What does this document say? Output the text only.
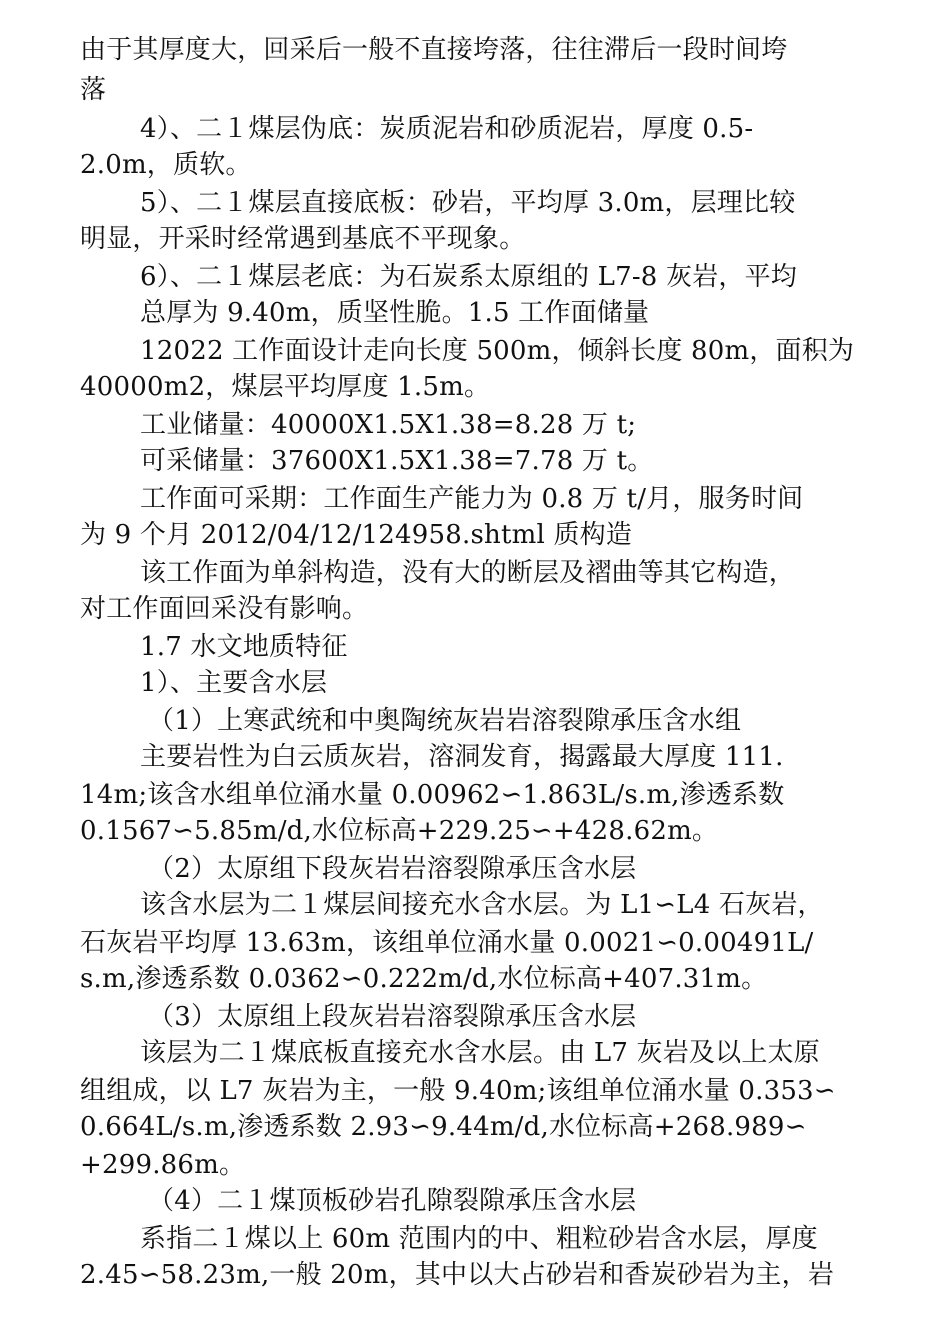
由于其厚度大，回采后一般不直接垮落，往往滞后一段时间垮
落
4）、二１煤层伪底：炭质泥岩和砂质泥岩，厚度 0.5-
2.0m，质软。
5）、二１煤层直接底板：砂岩，平均厚 3.0m，层理比较
明显，开采时经常遇到基底不平现象。
6）、二１煤层老底：为石炭系太原组的 L7-8 灰岩，平均
总厚为 9.40m，质坚性脆。1.5 工作面储量
12022 工作面设计走向长度 500m，倾斜长度 80m，面积为
40000m2，煤层平均厚度 1.5m。
工业储量：40000X1.5X1.38=8.28 万 t;
可采储量：37600X1.5X1.38=7.78 万 t。
工作面可采期：工作面生产能力为 0.8 万 t/月，服务时间
为 9 个月 2012/04/12/124958.shtml 质构造
该工作面为单斜构造，没有大的断层及褶曲等其它构造，
对工作面回采没有影响。
1.7 水文地质特征
1）、主要含水层
（1）上寒武统和中奥陶统灰岩岩溶裂隙承压含水组
主要岩性为白云质灰岩，溶洞发育，揭露最大厚度 111.
14m;该含水组单位涌水量 0.00962∽1.863L/s.m,渗透系数
0.1567∽5.85m/d,水位标高+229.25∽+428.62m。
（2）太原组下段灰岩岩溶裂隙承压含水层
该含水层为二１煤层间接充水含水层。为 L1∽L4 石灰岩，
石灰岩平均厚 13.63m，该组单位涌水量 0.0021∽0.00491L/
s.m,渗透系数 0.0362∽0.222m/d,水位标高+407.31m。
（3）太原组上段灰岩岩溶裂隙承压含水层
该层为二１煤底板直接充水含水层。由 L7 灰岩及以上太原
组组成，以 L7 灰岩为主，一般 9.40m;该组单位涌水量 0.353∽
0.664L/s.m,渗透系数 2.93∽9.44m/d,水位标高+268.989∽
+299.86m。
（4）二１煤顶板砂岩孔隙裂隙承压含水层
系指二１煤以上 60m 范围内的中、粗粒砂岩含水层，厚度
2.45∽58.23m,一般 20m，其中以大占砂岩和香炭砂岩为主，岩
